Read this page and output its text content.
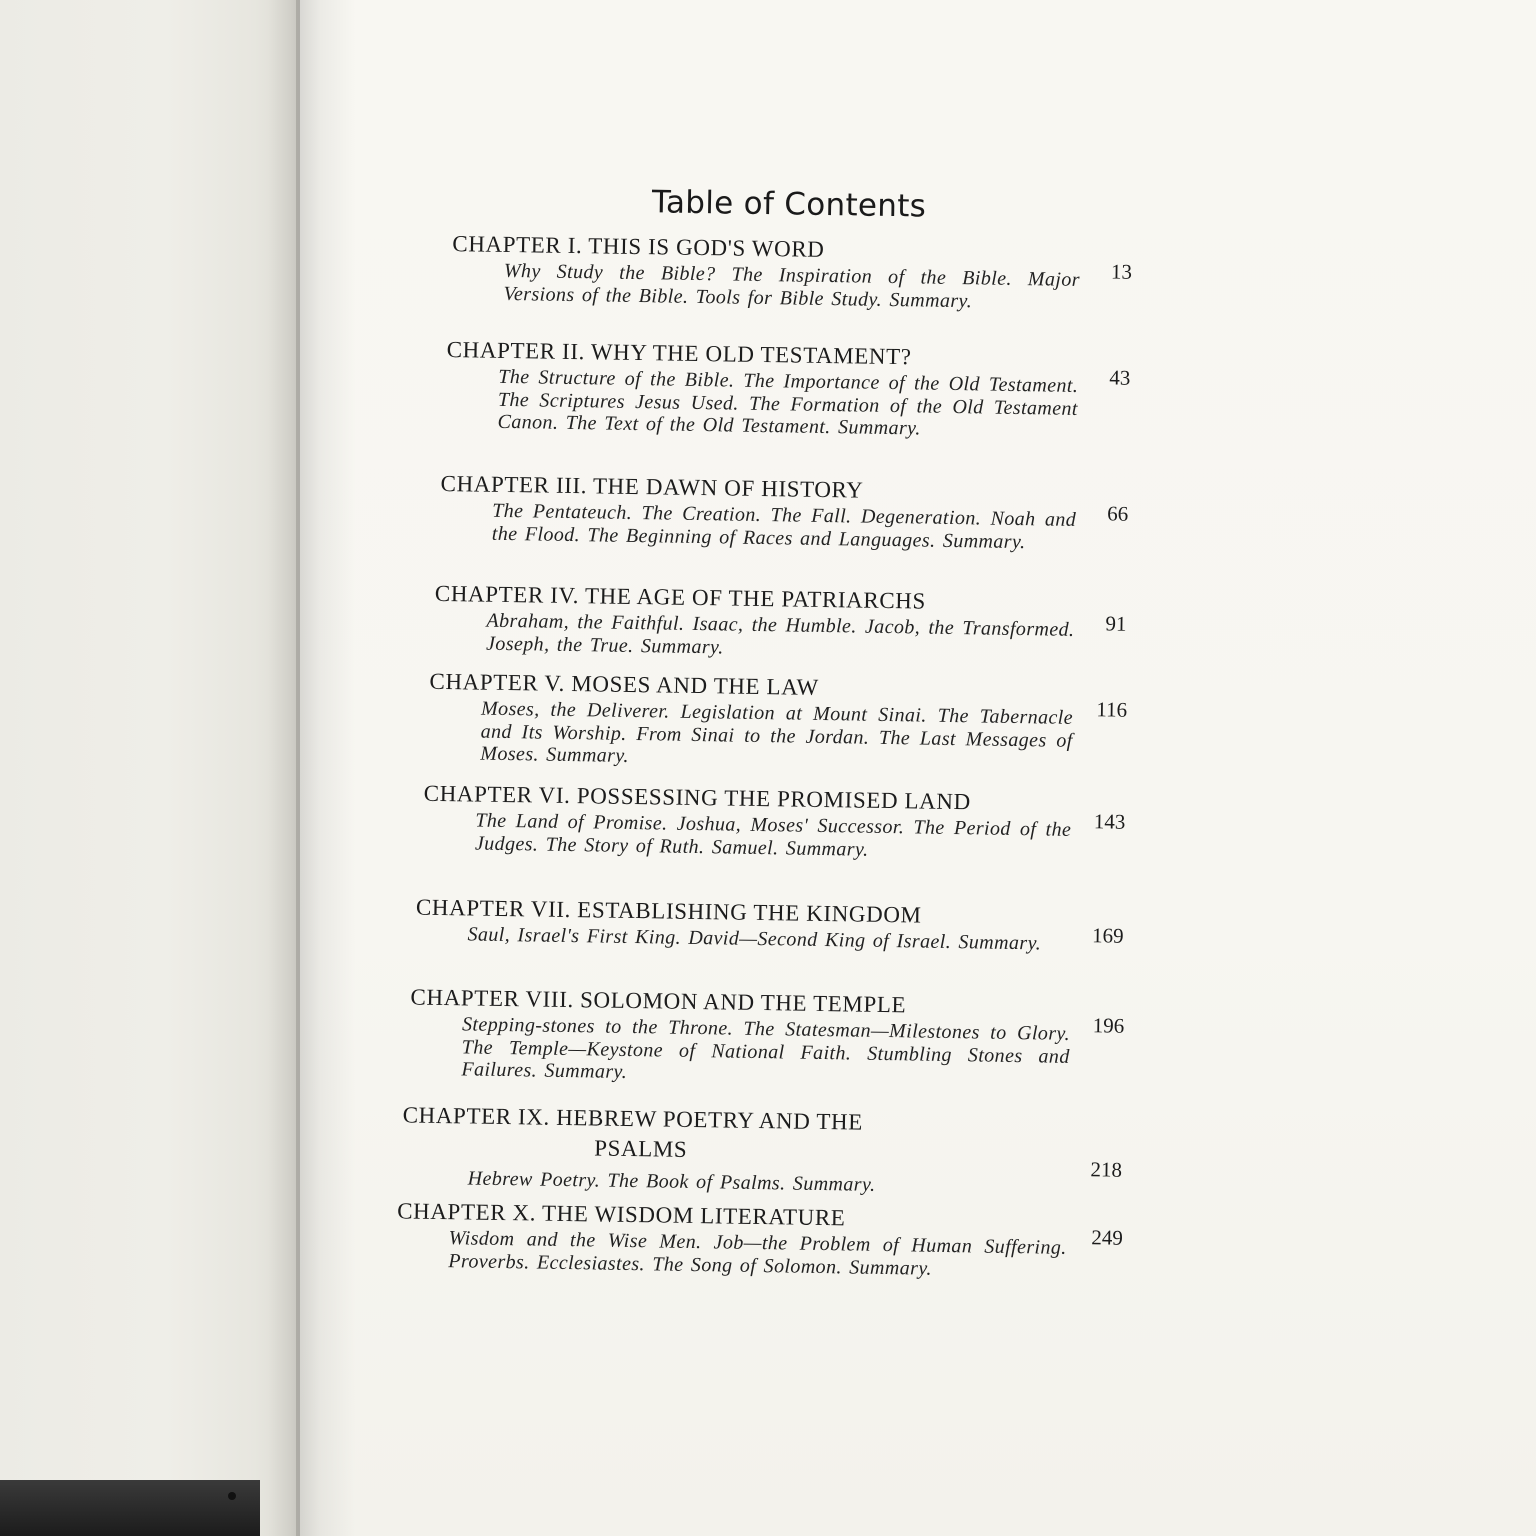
Table of Contents
CHAPTER I. THIS IS GOD'S WORD
13
Why Study the Bible? The Inspiration of the Bible. Major Versions of the Bible. Tools for Bible Study. Summary.
CHAPTER II. WHY THE OLD TESTAMENT?
43
The Structure of the Bible. The Importance of the Old Testament. The Scriptures Jesus Used. The Formation of the Old Testament Canon. The Text of the Old Testament. Summary.
CHAPTER III. THE DAWN OF HISTORY
66
The Pentateuch. The Creation. The Fall. Degeneration. Noah and the Flood. The Beginning of Races and Languages. Summary.
CHAPTER IV. THE AGE OF THE PATRIARCHS
91
Abraham, the Faithful. Isaac, the Humble. Jacob, the Transformed. Joseph, the True. Summary.
CHAPTER V. MOSES AND THE LAW
116
Moses, the Deliverer. Legislation at Mount Sinai. The Tabernacle and Its Worship. From Sinai to the Jordan. The Last Messages of Moses. Summary.
CHAPTER VI. POSSESSING THE PROMISED LAND
143
The Land of Promise. Joshua, Moses' Successor. The Period of the Judges. The Story of Ruth. Samuel. Summary.
CHAPTER VII. ESTABLISHING THE KINGDOM
169
Saul, Israel's First King. David—Second King of Israel. Summary.
CHAPTER VIII. SOLOMON AND THE TEMPLE
196
Stepping-stones to the Throne. The Statesman—Milestones to Glory. The Temple—Keystone of National Faith. Stumbling Stones and Failures. Summary.
CHAPTER IX. HEBREW POETRY AND THE
PSALMS
218
Hebrew Poetry. The Book of Psalms. Summary.
CHAPTER X. THE WISDOM LITERATURE
249
Wisdom and the Wise Men. Job—the Problem of Human Suffering. Proverbs. Ecclesiastes. The Song of Solomon. Summary.
